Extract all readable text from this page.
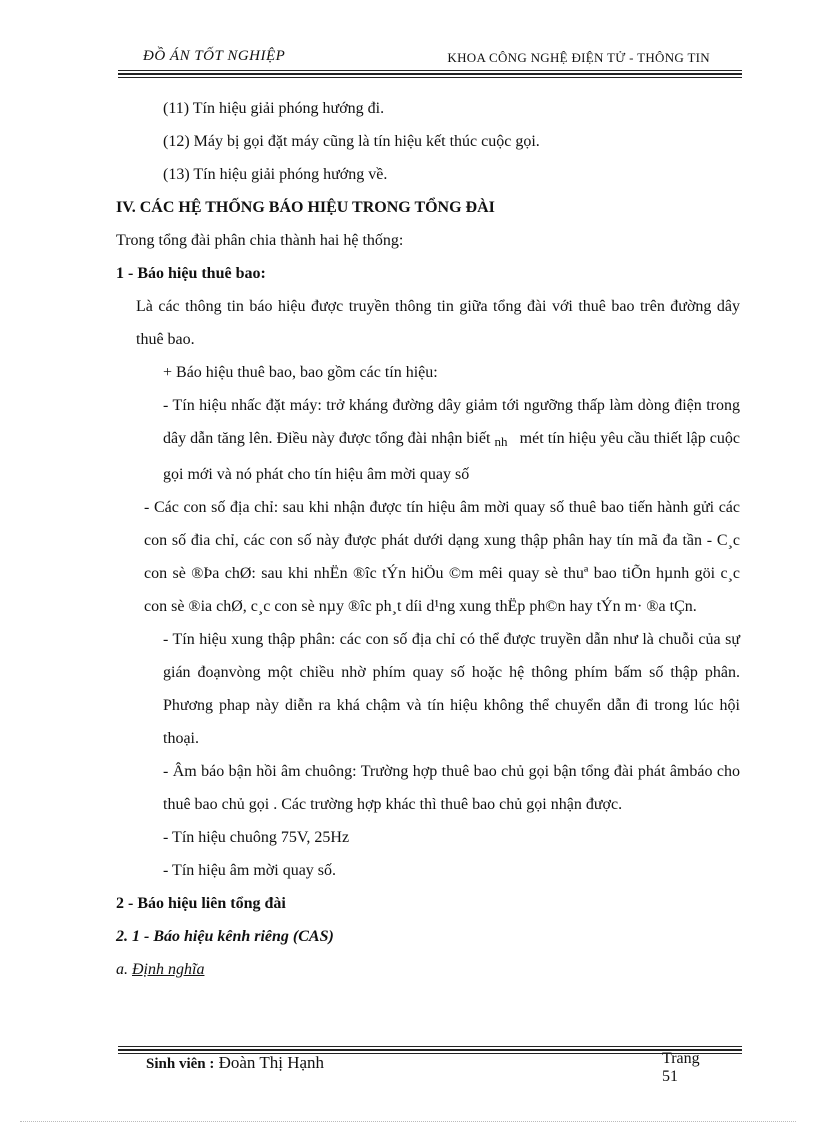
ĐỒ ÁN TỐT NGHIỆP	KHOA CÔNG NGHỆ ĐIỆN TỬ - THÔNG TIN

(11) Tín hiệu giải phóng hướng đi.

(12) Máy bị gọi đặt máy cũng là tín hiệu kết thúc cuộc gọi.

(13) Tín hiệu giải phóng hướng về.

IV. CÁC HỆ THỐNG BÁO HIỆU TRONG TỔNG ĐÀI

Trong tổng đài phân chia thành hai hệ thống:

1 - Báo hiệu thuê bao:

Là các thông tin báo hiệu được truyền thông tin giữa tổng đài với thuê bao trên đường dây thuê bao.

+ Báo hiệu thuê bao, bao gồm các tín hiệu:

- Tín hiệu nhấc đặt máy: trở kháng đường dây giảm tới ngưỡng thấp làm dòng điện trong dây dẫn tăng lên. Điều này được tổng đài nhận biết nh mét tín hiệu yêu cầu thiết lập cuộc gọi mới và nó phát cho tín hiệu âm mời quay số

- Các con số địa chỉ: sau khi nhận được tín hiệu âm mời quay số thuê bao tiến hành gửi các con số đia chỉ, các con số này được phát dưới dạng xung thập phân hay tín mã đa tần - C¸c con sè ®Þa chØ: sau khi nhËn ®îc tÝn hiÖu ©m mêi quay sè thuª bao tiÕn hµnh göi c¸c con sè ®ia chØ, c¸c con sè nµy ®îc ph¸t díi d¹ng xung thËp ph©n hay tÝn m· ®a tÇn.

- Tín hiệu xung thập phân: các con số địa chỉ có thể được truyền dẫn như là chuỗi của sự gián đoạnvòng một chiều nhờ phím quay số hoặc hệ thông phím bấm số thập phân. Phương phap này diễn ra khá chậm và tín hiệu không thể chuyển dẫn đi trong lúc hội thoại.

- Âm báo bận hồi âm chuông: Trường hợp thuê bao chủ gọi bận tổng đài phát âmbáo cho thuê bao chủ gọi . Các trường hợp khác thì thuê bao chủ gọi nhận được.

- Tín hiệu chuông 75V, 25Hz

- Tín hiệu âm mời quay số.

2 - Báo hiệu liên tổng đài

2. 1 - Báo hiệu kênh riêng (CAS)

a. Định nghĩa

Sinh viên : Đoàn Thị Hạnh	Trang
51
